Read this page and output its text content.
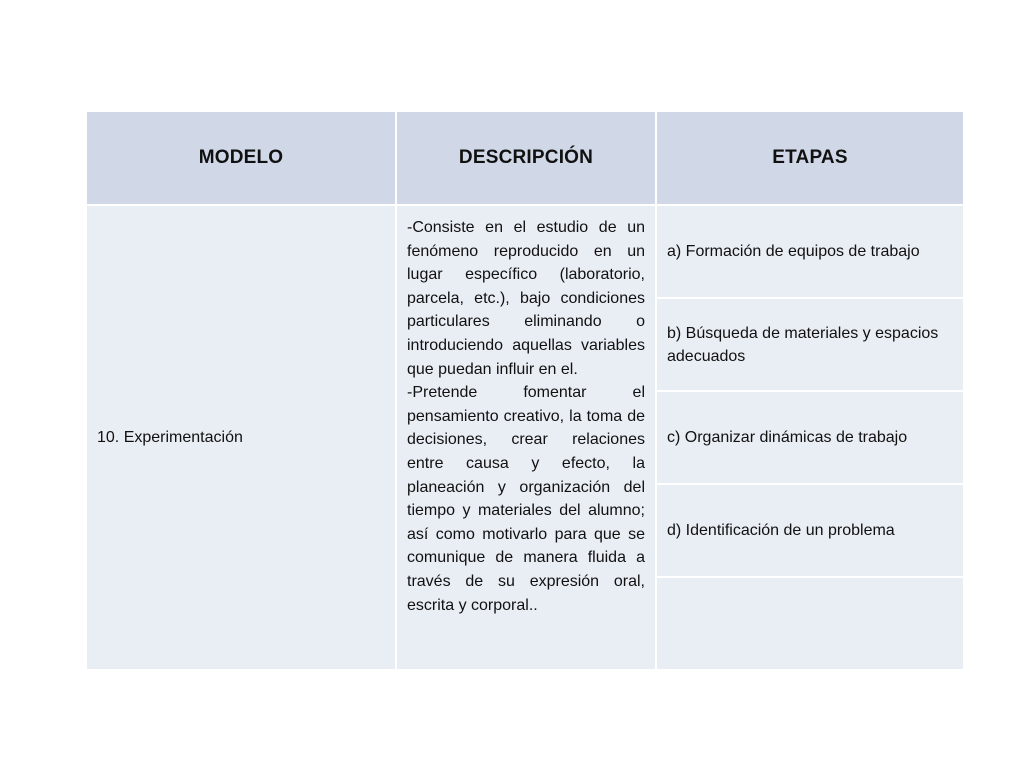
MODELO	DESCRIPCIÓN	ETAPAS
10. Experimentación	-Consiste en el estudio de un fenómeno reproducido en un lugar específico (laboratorio, parcela, etc.), bajo condiciones particulares eliminando o introduciendo aquellas variables que puedan influir en el.

-Pretende fomentar el pensamiento creativo, la toma de decisiones, crear relaciones entre causa y efecto, la planeación y organización del tiempo y materiales del alumno; así como motivarlo para que se comunique de manera fluida a través de su expresión oral, escrita y corporal..	a) Formación de equipos de trabajo
		b) Búsqueda de materiales y espacios adecuados
		c) Organizar dinámicas de trabajo
		d) Identificación de un problema
